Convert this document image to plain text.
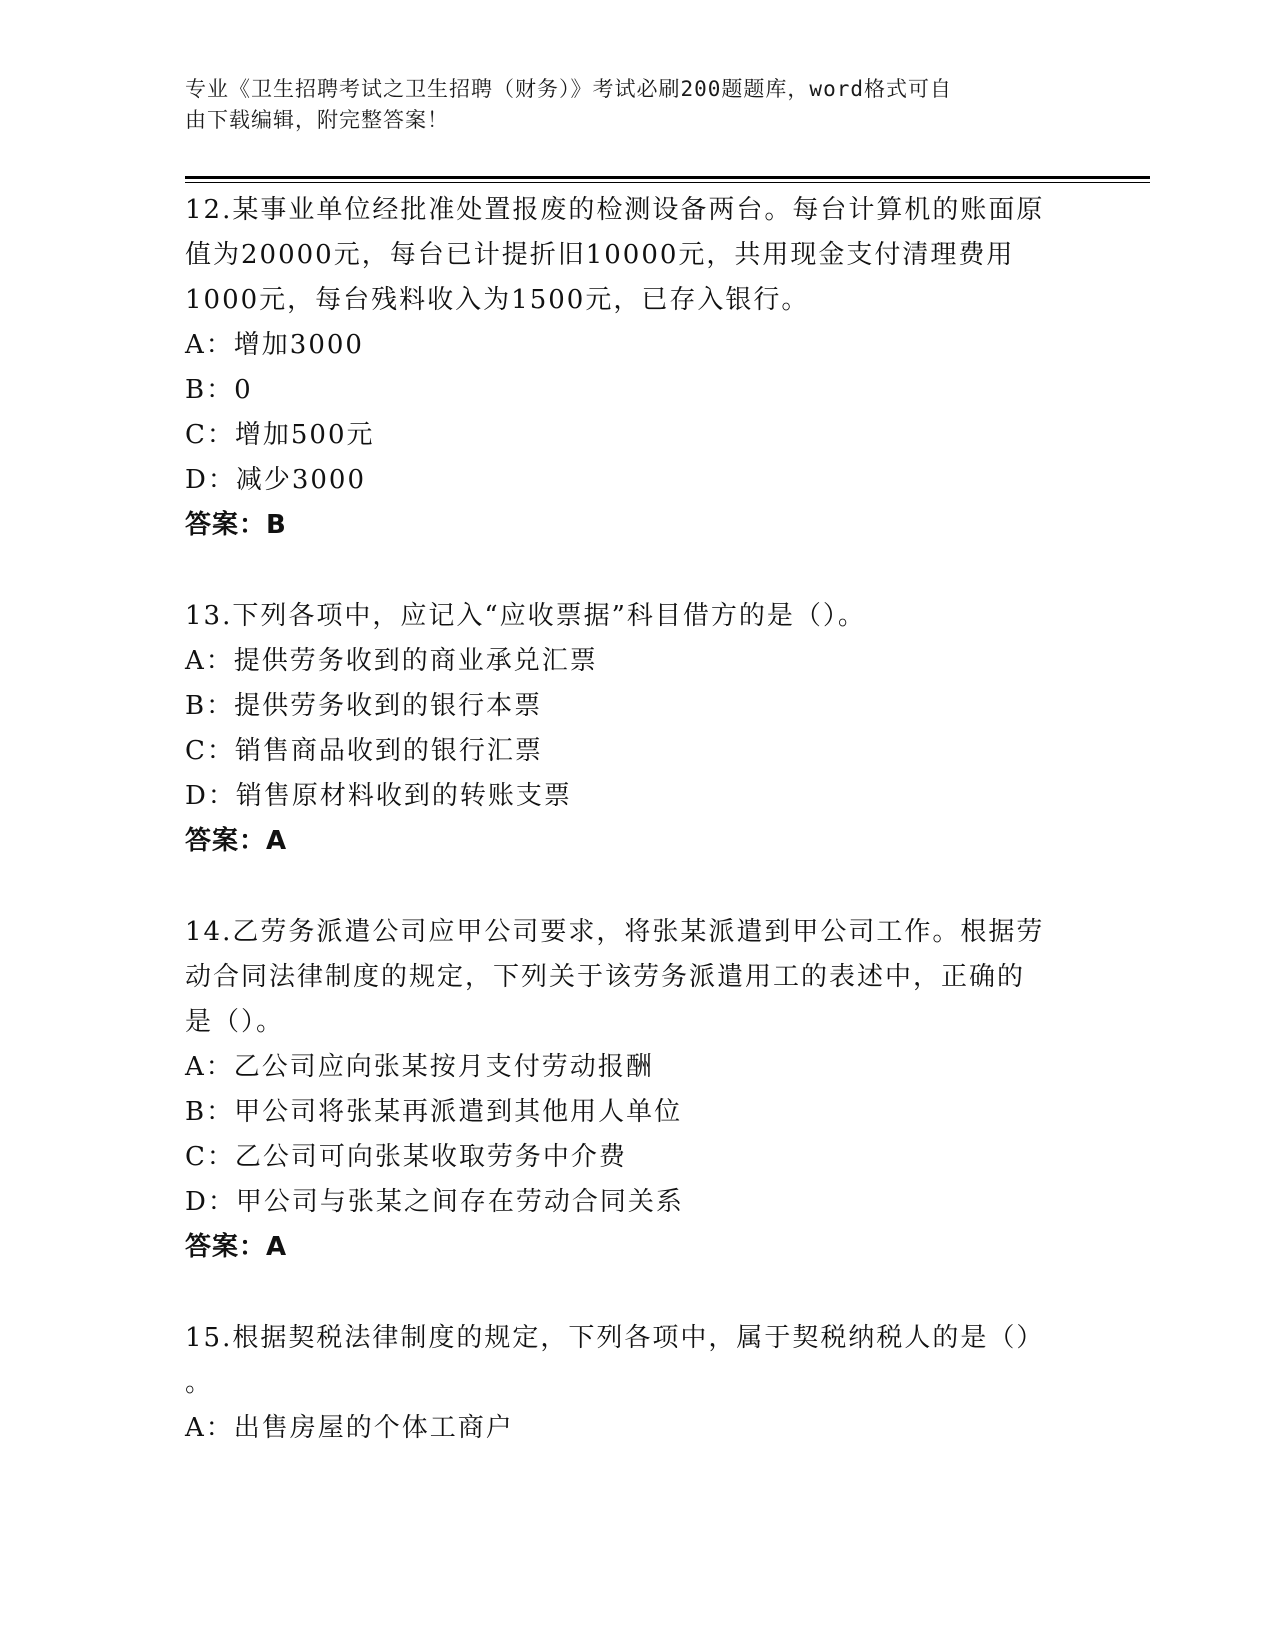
专业《卫生招聘考试之卫生招聘（财务）》考试必刷200题题库，word格式可自
由下载编辑，附完整答案！

12.某事业单位经批准处置报废的检测设备两台。每台计算机的账面原

值为20000元，每台已计提折旧10000元，共用现金支付清理费用

1000元，每台残料收入为1500元，已存入银行。

A：增加3000

B：0

C：增加500元

D：减少3000

答案：B

13.下列各项中，应记入“应收票据”科目借方的是（）。

A：提供劳务收到的商业承兑汇票

B：提供劳务收到的银行本票

C：销售商品收到的银行汇票

D：销售原材料收到的转账支票

答案：A

14.乙劳务派遣公司应甲公司要求，将张某派遣到甲公司工作。根据劳

动合同法律制度的规定，下列关于该劳务派遣用工的表述中，正确的

是（）。

A：乙公司应向张某按月支付劳动报酬

B：甲公司将张某再派遣到其他用人单位

C：乙公司可向张某收取劳务中介费

D：甲公司与张某之间存在劳动合同关系

答案：A

15.根据契税法律制度的规定，下列各项中，属于契税纳税人的是（）

。

A：出售房屋的个体工商户
